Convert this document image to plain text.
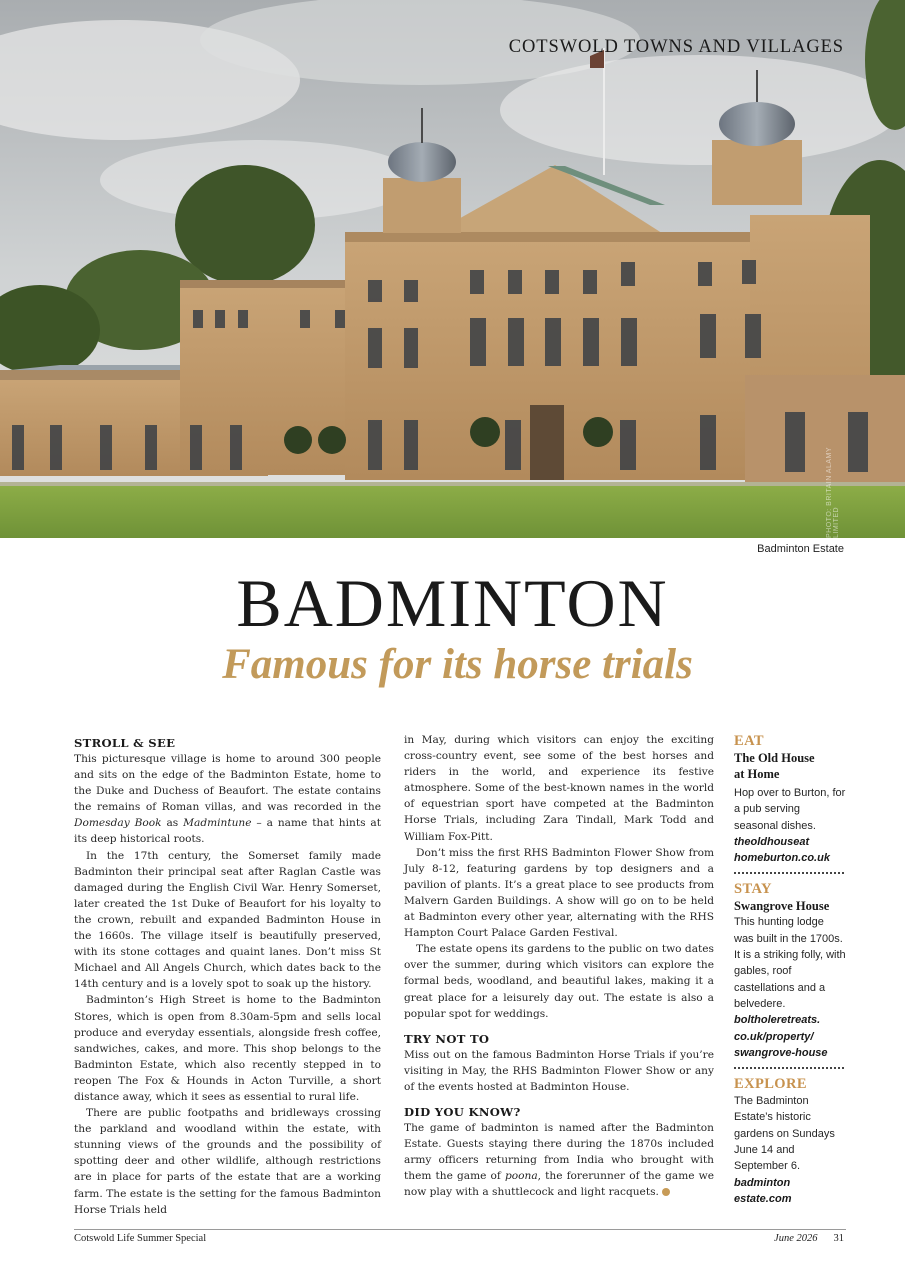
COTSWOLD TOWNS AND VILLAGES
PHOTO: BRITAIN ALAMY LIMITED
Badminton Estate
BADMINTON
Famous for its horse trials
STROLL & SEE

This picturesque village is home to around 300 people and sits on the edge of the Badminton Estate, home to the Duke and Duchess of Beaufort. The estate contains the remains of Roman villas, and was recorded in the Domesday Book as Madmintune – a name that hints at its deep historical roots.

In the 17th century, the Somerset family made Badminton their principal seat after Raglan Castle was damaged during the English Civil War. Henry Somerset, later created the 1st Duke of Beaufort for his loyalty to the crown, rebuilt and expanded Badminton House in the 1660s. The village itself is beautifully preserved, with its stone cottages and quaint lanes. Don’t miss St Michael and All Angels Church, which dates back to the 14th century and is a lovely spot to soak up the history.

Badminton’s High Street is home to the Badminton Stores, which is open from 8.30am-5pm and sells local produce and everyday essentials, alongside fresh coffee, sandwiches, cakes, and more. This shop belongs to the Badminton Estate, which also recently stepped in to reopen The Fox & Hounds in Acton Turville, a short distance away, which it sees as essential to rural life.

There are public footpaths and bridleways crossing the parkland and woodland within the estate, with stunning views of the grounds and the possibility of spotting deer and other wildlife, although restrictions are in place for parts of the estate that are a working farm. The estate is the setting for the famous Badminton Horse Trials held

in May, during which visitors can enjoy the exciting cross-country event, see some of the best horses and riders in the world, and experience its festive atmosphere. Some of the best-known names in the world of equestrian sport have competed at the Badminton Horse Trials, including Zara Tindall, Mark Todd and William Fox-Pitt.

Don’t miss the first RHS Badminton Flower Show from July 8-12, featuring gardens by top designers and a pavilion of plants. It’s a great place to see products from Malvern Garden Buildings. A show will go on to be held at Badminton every other year, alternating with the RHS Hampton Court Palace Garden Festival.

The estate opens its gardens to the public on two dates over the summer, during which visitors can explore the formal beds, woodland, and beautiful lakes, making it a great place for a leisurely day out. The estate is also a popular spot for weddings.

TRY NOT TO

Miss out on the famous Badminton Horse Trials if you’re visiting in May, the RHS Badminton Flower Show or any of the events hosted at Badminton House.

DID YOU KNOW?

The game of badminton is named after the Badminton Estate. Guests staying there during the 1870s included army officers returning from India who brought with them the game of poona, the forerunner of the game we now play with a shuttlecock and light racquets.

EAT
The Old House
at Home
Hop over to Burton, for a pub serving seasonal dishes.
theoldhouseat
homeburton.co.uk
STAY
Swangrove House
This hunting lodge was built in the 1700s. It is a striking folly, with gables, roof castellations and a belvedere.
boltholeretreats.
co.uk/property/
swangrove-house
EXPLORE
The Badminton Estate’s historic gardens on Sundays June 14 and September 6.
badminton
estate.com
Cotswold Life Summer Special	June 2026 31
